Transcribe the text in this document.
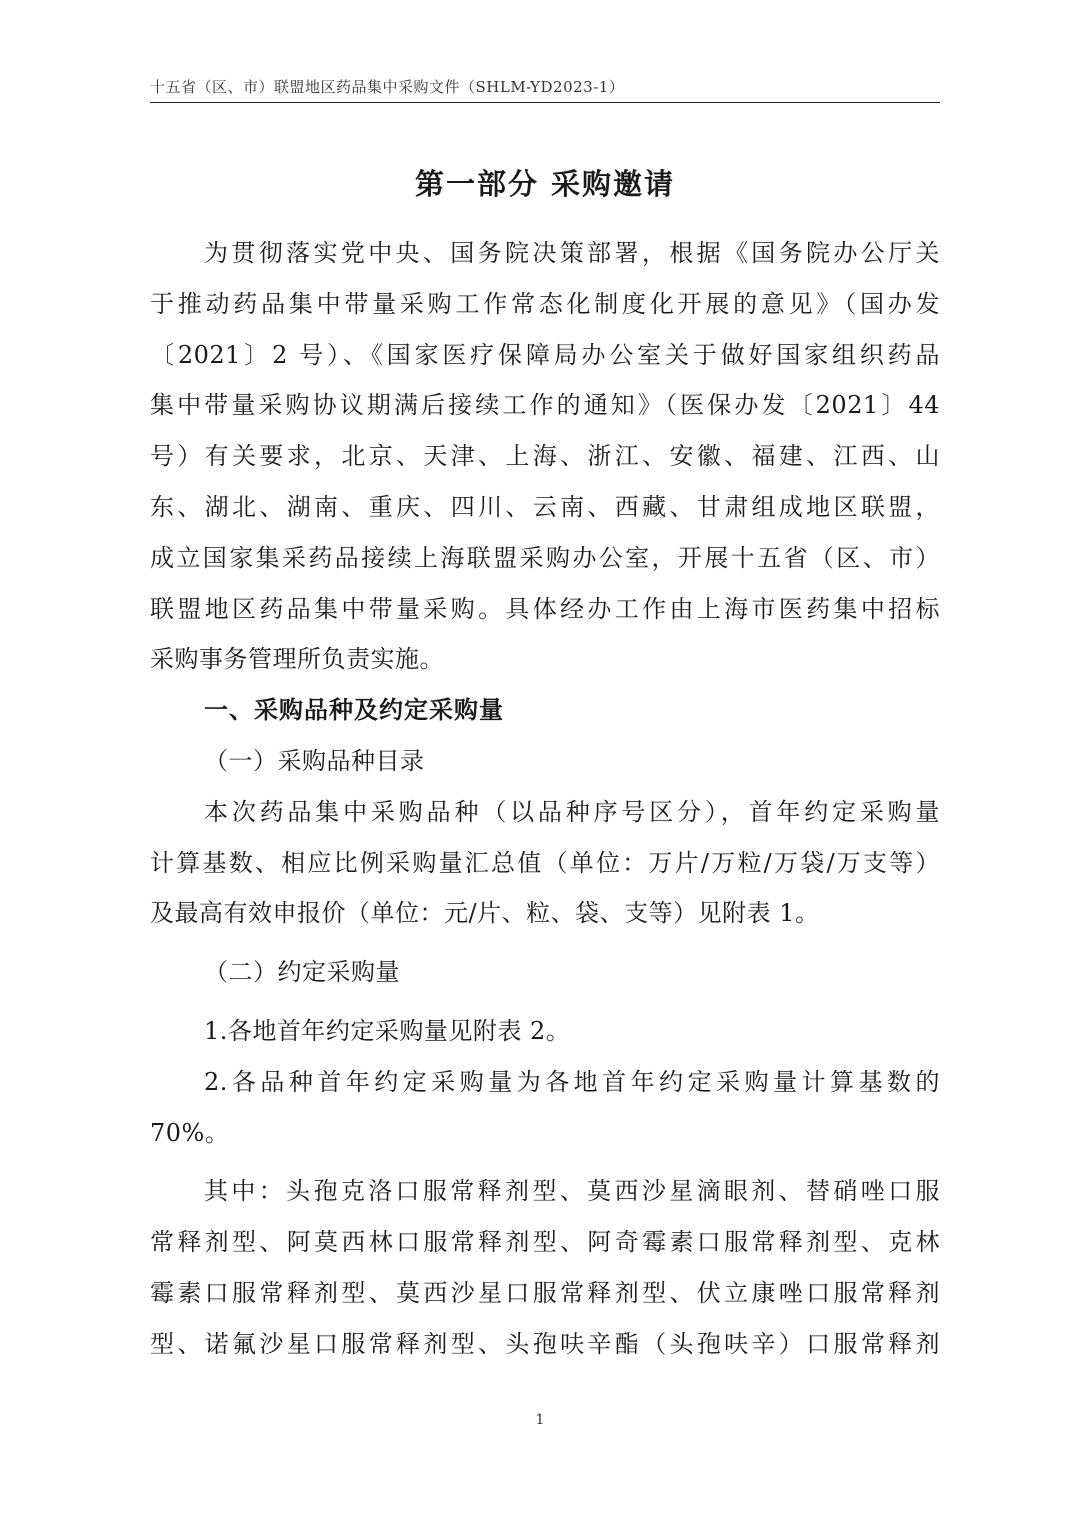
十五省（区、市）联盟地区药品集中采购文件（SHLM-YD2023-1）
第一部分 采购邀请
为贯彻落实党中央、国务院决策部署，根据《国务院办公厅关
于推动药品集中带量采购工作常态化制度化开展的意见》（国办发
〔2021〕2 号）、《国家医疗保障局办公室关于做好国家组织药品
集中带量采购协议期满后接续工作的通知》（医保办发〔2021〕44
号）有关要求，北京、天津、上海、浙江、安徽、福建、江西、山
东、湖北、湖南、重庆、四川、云南、西藏、甘肃组成地区联盟，
成立国家集采药品接续上海联盟采购办公室，开展十五省（区、市）
联盟地区药品集中带量采购。具体经办工作由上海市医药集中招标
采购事务管理所负责实施。
一、采购品种及约定采购量
（一）采购品种目录
本次药品集中采购品种（以品种序号区分），首年约定采购量
计算基数、相应比例采购量汇总值（单位：万片/万粒/万袋/万支等）
及最高有效申报价（单位：元/片、粒、袋、支等）见附表 1。
（二）约定采购量
1.各地首年约定采购量见附表 2。
2.各品种首年约定采购量为各地首年约定采购量计算基数的
70%。
其中：头孢克洛口服常释剂型、莫西沙星滴眼剂、替硝唑口服
常释剂型、阿莫西林口服常释剂型、阿奇霉素口服常释剂型、克林
霉素口服常释剂型、莫西沙星口服常释剂型、伏立康唑口服常释剂
型、诺氟沙星口服常释剂型、头孢呋辛酯（头孢呋辛）口服常释剂
1
